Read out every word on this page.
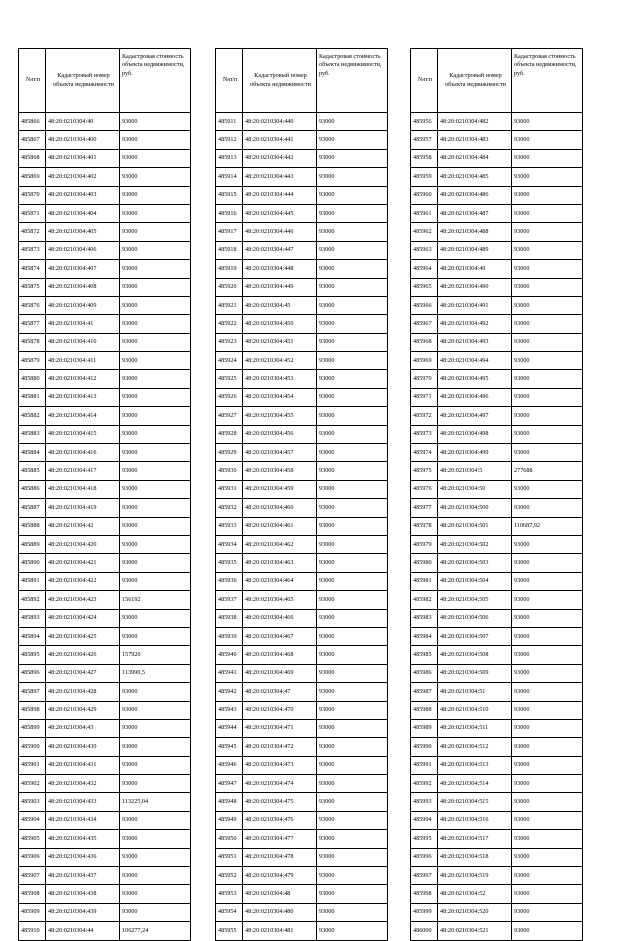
№п/п	Кадастровый номер объекта недвижимости	Кадастровая стоимость объекта недвижимости, руб.
485866	48:20:0210304:40	93000
485867	48:20:0210304:400	93000
485868	48:20:0210304:401	93000
485869	48:20:0210304:402	93000
485870	48:20:0210304:403	93000
485871	48:20:0210304:404	93000
485872	48:20:0210304:405	93000
485873	48:20:0210304:406	93000
485874	48:20:0210304:407	93000
485875	48:20:0210304:408	93000
485876	48:20:0210304:409	93000
485877	48:20:0210304:41	93000
485878	48:20:0210304:410	93000
485879	48:20:0210304:411	93000
485880	48:20:0210304:412	93000
485881	48:20:0210304:413	93000
485882	48:20:0210304:414	93000
485883	48:20:0210304:415	93000
485884	48:20:0210304:416	93000
485885	48:20:0210304:417	93000
485886	48:20:0210304:418	93000
485887	48:20:0210304:419	93000
485888	48:20:0210304:42	93000
485889	48:20:0210304:420	93000
485890	48:20:0210304:421	93000
485891	48:20:0210304:422	93000
485892	48:20:0210304:423	156192
485893	48:20:0210304:424	93000
485894	48:20:0210304:425	93000
485895	48:20:0210304:426	157920
485896	48:20:0210304:427	113990,5
485897	48:20:0210304:428	93000
485898	48:20:0210304:429	93000
485899	48:20:0210304:43	93000
485900	48:20:0210304:430	93000
485901	48:20:0210304:431	93000
485902	48:20:0210304:432	93000
485903	48:20:0210304:433	113225,04
485904	48:20:0210304:434	93000
485905	48:20:0210304:435	93000
485906	48:20:0210304:436	93000
485907	48:20:0210304:437	93000
485908	48:20:0210304:438	93000
485909	48:20:0210304:439	93000
485910	48:20:0210304:44	106277,24
№п/п	Кадастровый номер объекта недвижимости	Кадастровая стоимость объекта недвижимости, руб.
485911	48:20:0210304:440	93000
485912	48:20:0210304:441	93000
485913	48:20:0210304:442	93000
485914	48:20:0210304:443	93000
485915	48:20:0210304:444	93000
485916	48:20:0210304:445	93000
485917	48:20:0210304:446	93000
485918	48:20:0210304:447	93000
485919	48:20:0210304:448	93000
485920	48:20:0210304:449	93000
485921	48:20:0210304:45	93000
485922	48:20:0210304:450	93000
485923	48:20:0210304:451	93000
485924	48:20:0210304:452	93000
485925	48:20:0210304:453	93000
485926	48:20:0210304:454	93000
485927	48:20:0210304:455	93000
485928	48:20:0210304:456	93000
485929	48:20:0210304:457	93000
485930	48:20:0210304:458	93000
485931	48:20:0210304:459	93000
485932	48:20:0210304:460	93000
485933	48:20:0210304:461	93000
485934	48:20:0210304:462	93000
485935	48:20:0210304:463	93000
485936	48:20:0210304:464	93000
485937	48:20:0210304:465	93000
485938	48:20:0210304:466	93000
485939	48:20:0210304:467	93000
485940	48:20:0210304:468	93000
485941	48:20:0210304:469	93000
485942	48:20:0210304:47	93000
485943	48:20:0210304:470	93000
485944	48:20:0210304:471	93000
485945	48:20:0210304:472	93000
485946	48:20:0210304:473	93000
485947	48:20:0210304:474	93000
485948	48:20:0210304:475	93000
485949	48:20:0210304:476	93000
485950	48:20:0210304:477	93000
485951	48:20:0210304:478	93000
485952	48:20:0210304:479	93000
485953	48:20:0210304:48	93000
485954	48:20:0210304:480	93000
485955	48:20:0210304:481	93000
№п/п	Кадастровый номер объекта недвижимости	Кадастровая стоимость объекта недвижимости, руб.
485956	48:20:0210304:482	93000
485957	48:20:0210304:483	93000
485958	48:20:0210304:484	93000
485959	48:20:0210304:485	93000
485960	48:20:0210304:486	93000
485961	48:20:0210304:487	93000
485962	48:20:0210304:488	93000
485963	48:20:0210304:489	93000
485964	48:20:0210304:49	93000
485965	48:20:0210304:490	93000
485966	48:20:0210304:491	93000
485967	48:20:0210304:492	93000
485968	48:20:0210304:493	93000
485969	48:20:0210304:494	93000
485970	48:20:0210304:495	93000
485971	48:20:0210304:496	93000
485972	48:20:0210304:497	93000
485973	48:20:0210304:498	93000
485974	48:20:0210304:499	93000
485975	48:20:0210304:5	277688
485976	48:20:0210304:50	93000
485977	48:20:0210304:500	93000
485978	48:20:0210304:501	110687,92
485979	48:20:0210304:502	93000
485980	48:20:0210304:503	93000
485981	48:20:0210304:504	93000
485982	48:20:0210304:505	93000
485983	48:20:0210304:506	93000
485984	48:20:0210304:507	93000
485985	48:20:0210304:508	93000
485986	48:20:0210304:509	93000
485987	48:20:0210304:51	93000
485988	48:20:0210304:510	93000
485989	48:20:0210304:511	93000
485990	48:20:0210304:512	93000
485991	48:20:0210304:513	93000
485992	48:20:0210304:514	93000
485993	48:20:0210304:515	93000
485994	48:20:0210304:516	93000
485995	48:20:0210304:517	93000
485996	48:20:0210304:518	93000
485997	48:20:0210304:519	93000
485998	48:20:0210304:52	93000
485999	48:20:0210304:520	93000
486000	48:20:0210304:521	93000
